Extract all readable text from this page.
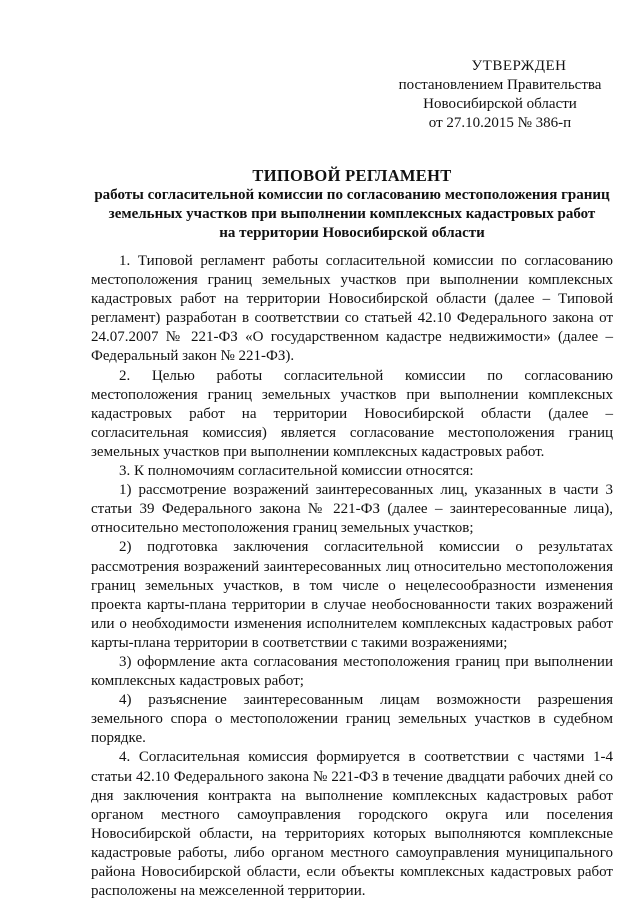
УТВЕРЖДЕН
постановлением Правительства
Новосибирской области
от 27.10.2015 № 386-п
ТИПОВОЙ РЕГЛАМЕНТ
работы согласительной комиссии по согласованию местоположения границ
земельных участков при выполнении комплексных кадастровых работ
на территории Новосибирской области

1. Типовой регламент работы согласительной комиссии по согласованию местоположения границ земельных участков при выполнении комплексных кадастровых работ на территории Новосибирской области (далее – Типовой регламент) разработан в соответствии со статьей 42.10 Федерального закона от 24.07.2007 № 221-ФЗ «О государственном кадастре недвижимости» (далее – Федеральный закон № 221-ФЗ).

2. Целью работы согласительной комиссии по согласованию местоположения границ земельных участков при выполнении комплексных кадастровых работ на территории Новосибирской области (далее – согласительная комиссия) является согласование местоположения границ земельных участков при выполнении комплексных кадастровых работ.

3. К полномочиям согласительной комиссии относятся:

1) рассмотрение возражений заинтересованных лиц, указанных в части 3 статьи 39 Федерального закона № 221-ФЗ (далее – заинтересованные лица), относительно местоположения границ земельных участков;

2) подготовка заключения согласительной комиссии о результатах рассмотрения возражений заинтересованных лиц относительно местоположения границ земельных участков, в том числе о нецелесообразности изменения проекта карты-плана территории в случае необоснованности таких возражений или о необходимости изменения исполнителем комплексных кадастровых работ карты-плана территории в соответствии с такими возражениями;

3) оформление акта согласования местоположения границ при выполнении комплексных кадастровых работ;

4) разъяснение заинтересованным лицам возможности разрешения земельного спора о местоположении границ земельных участков в судебном порядке.

4. Согласительная комиссия формируется в соответствии с частями 1-4 статьи 42.10 Федерального закона № 221-ФЗ в течение двадцати рабочих дней со дня заключения контракта на выполнение комплексных кадастровых работ органом местного самоуправления городского округа или поселения Новосибирской области, на территориях которых выполняются комплексные кадастровые работы, либо органом местного самоуправления муниципального района Новосибирской области, если объекты комплексных кадастровых работ расположены на межселенной территории.
